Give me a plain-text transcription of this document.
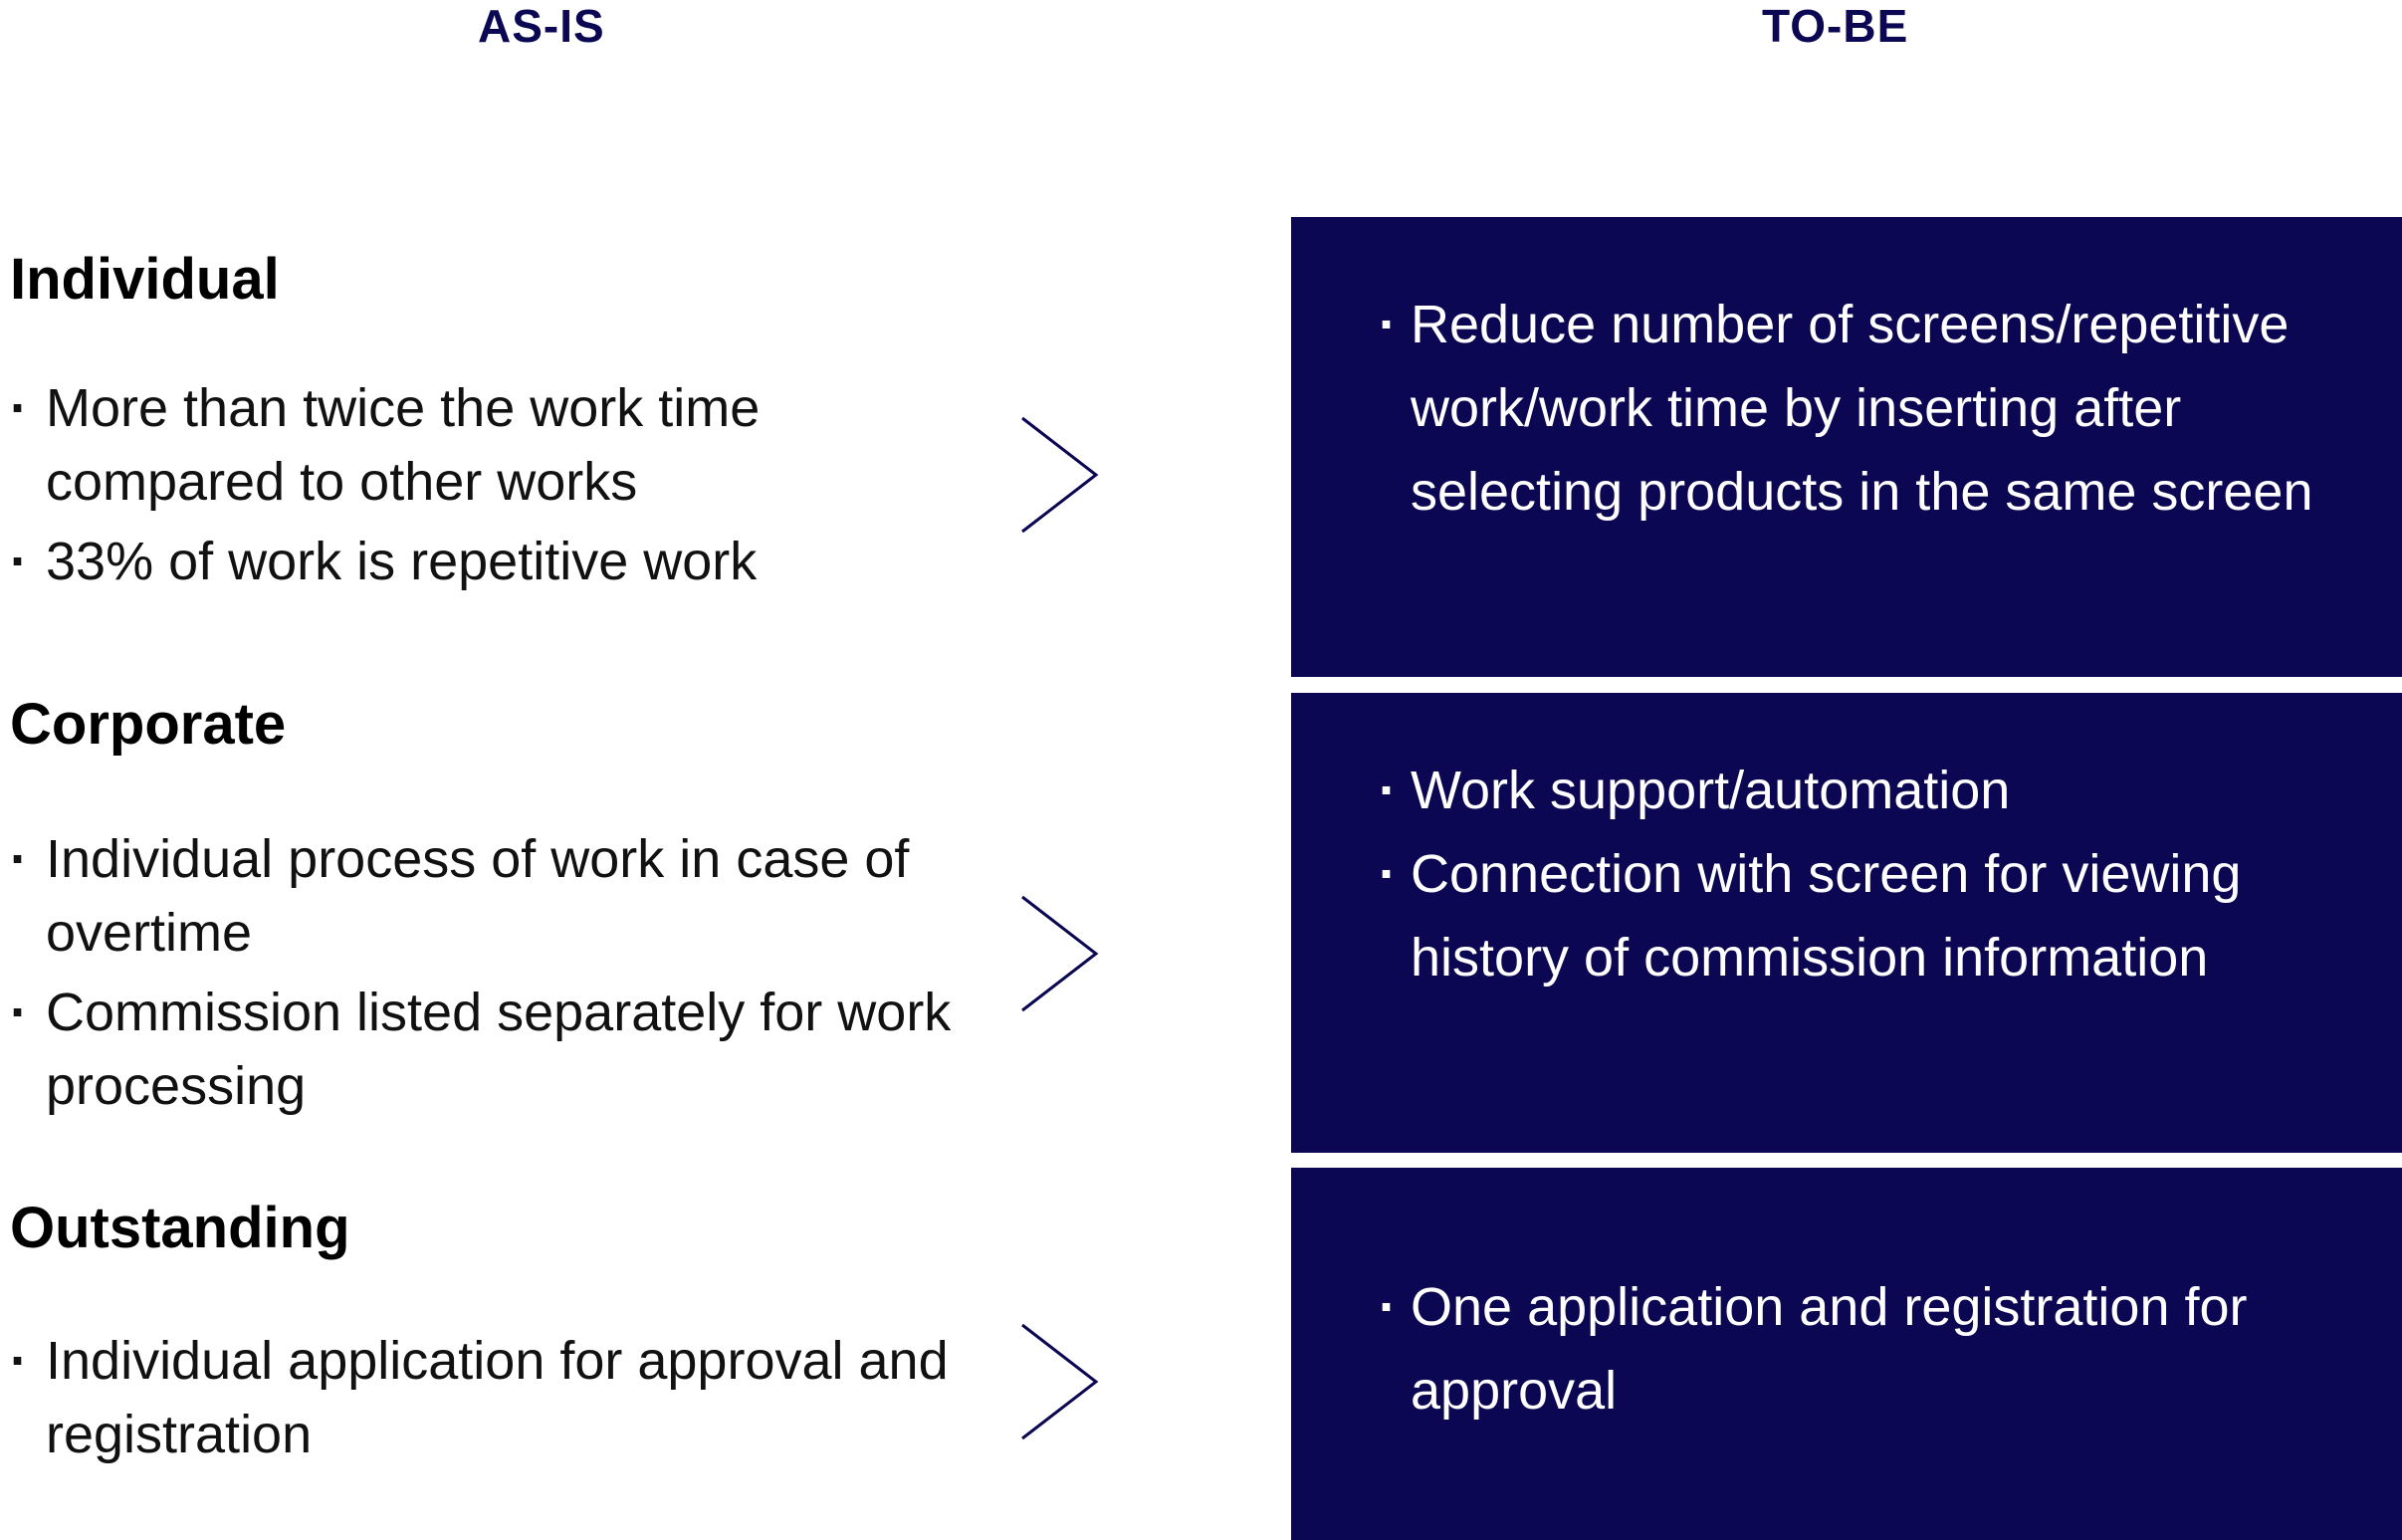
AS-IS	TO-BE
Individual
· More than twice the work time compared to other works
· 33% of work is repetitive work
· Reduce number of screens/repetitive work/work time by inserting after selecting products in the same screen
Corporate
· Individual process of work in case of overtime
· Commission listed separately for work processing
· Work support/automation
· Connection with screen for viewing history of commission information
Outstanding
· Individual application for approval and registration
· One application and registration for approval
